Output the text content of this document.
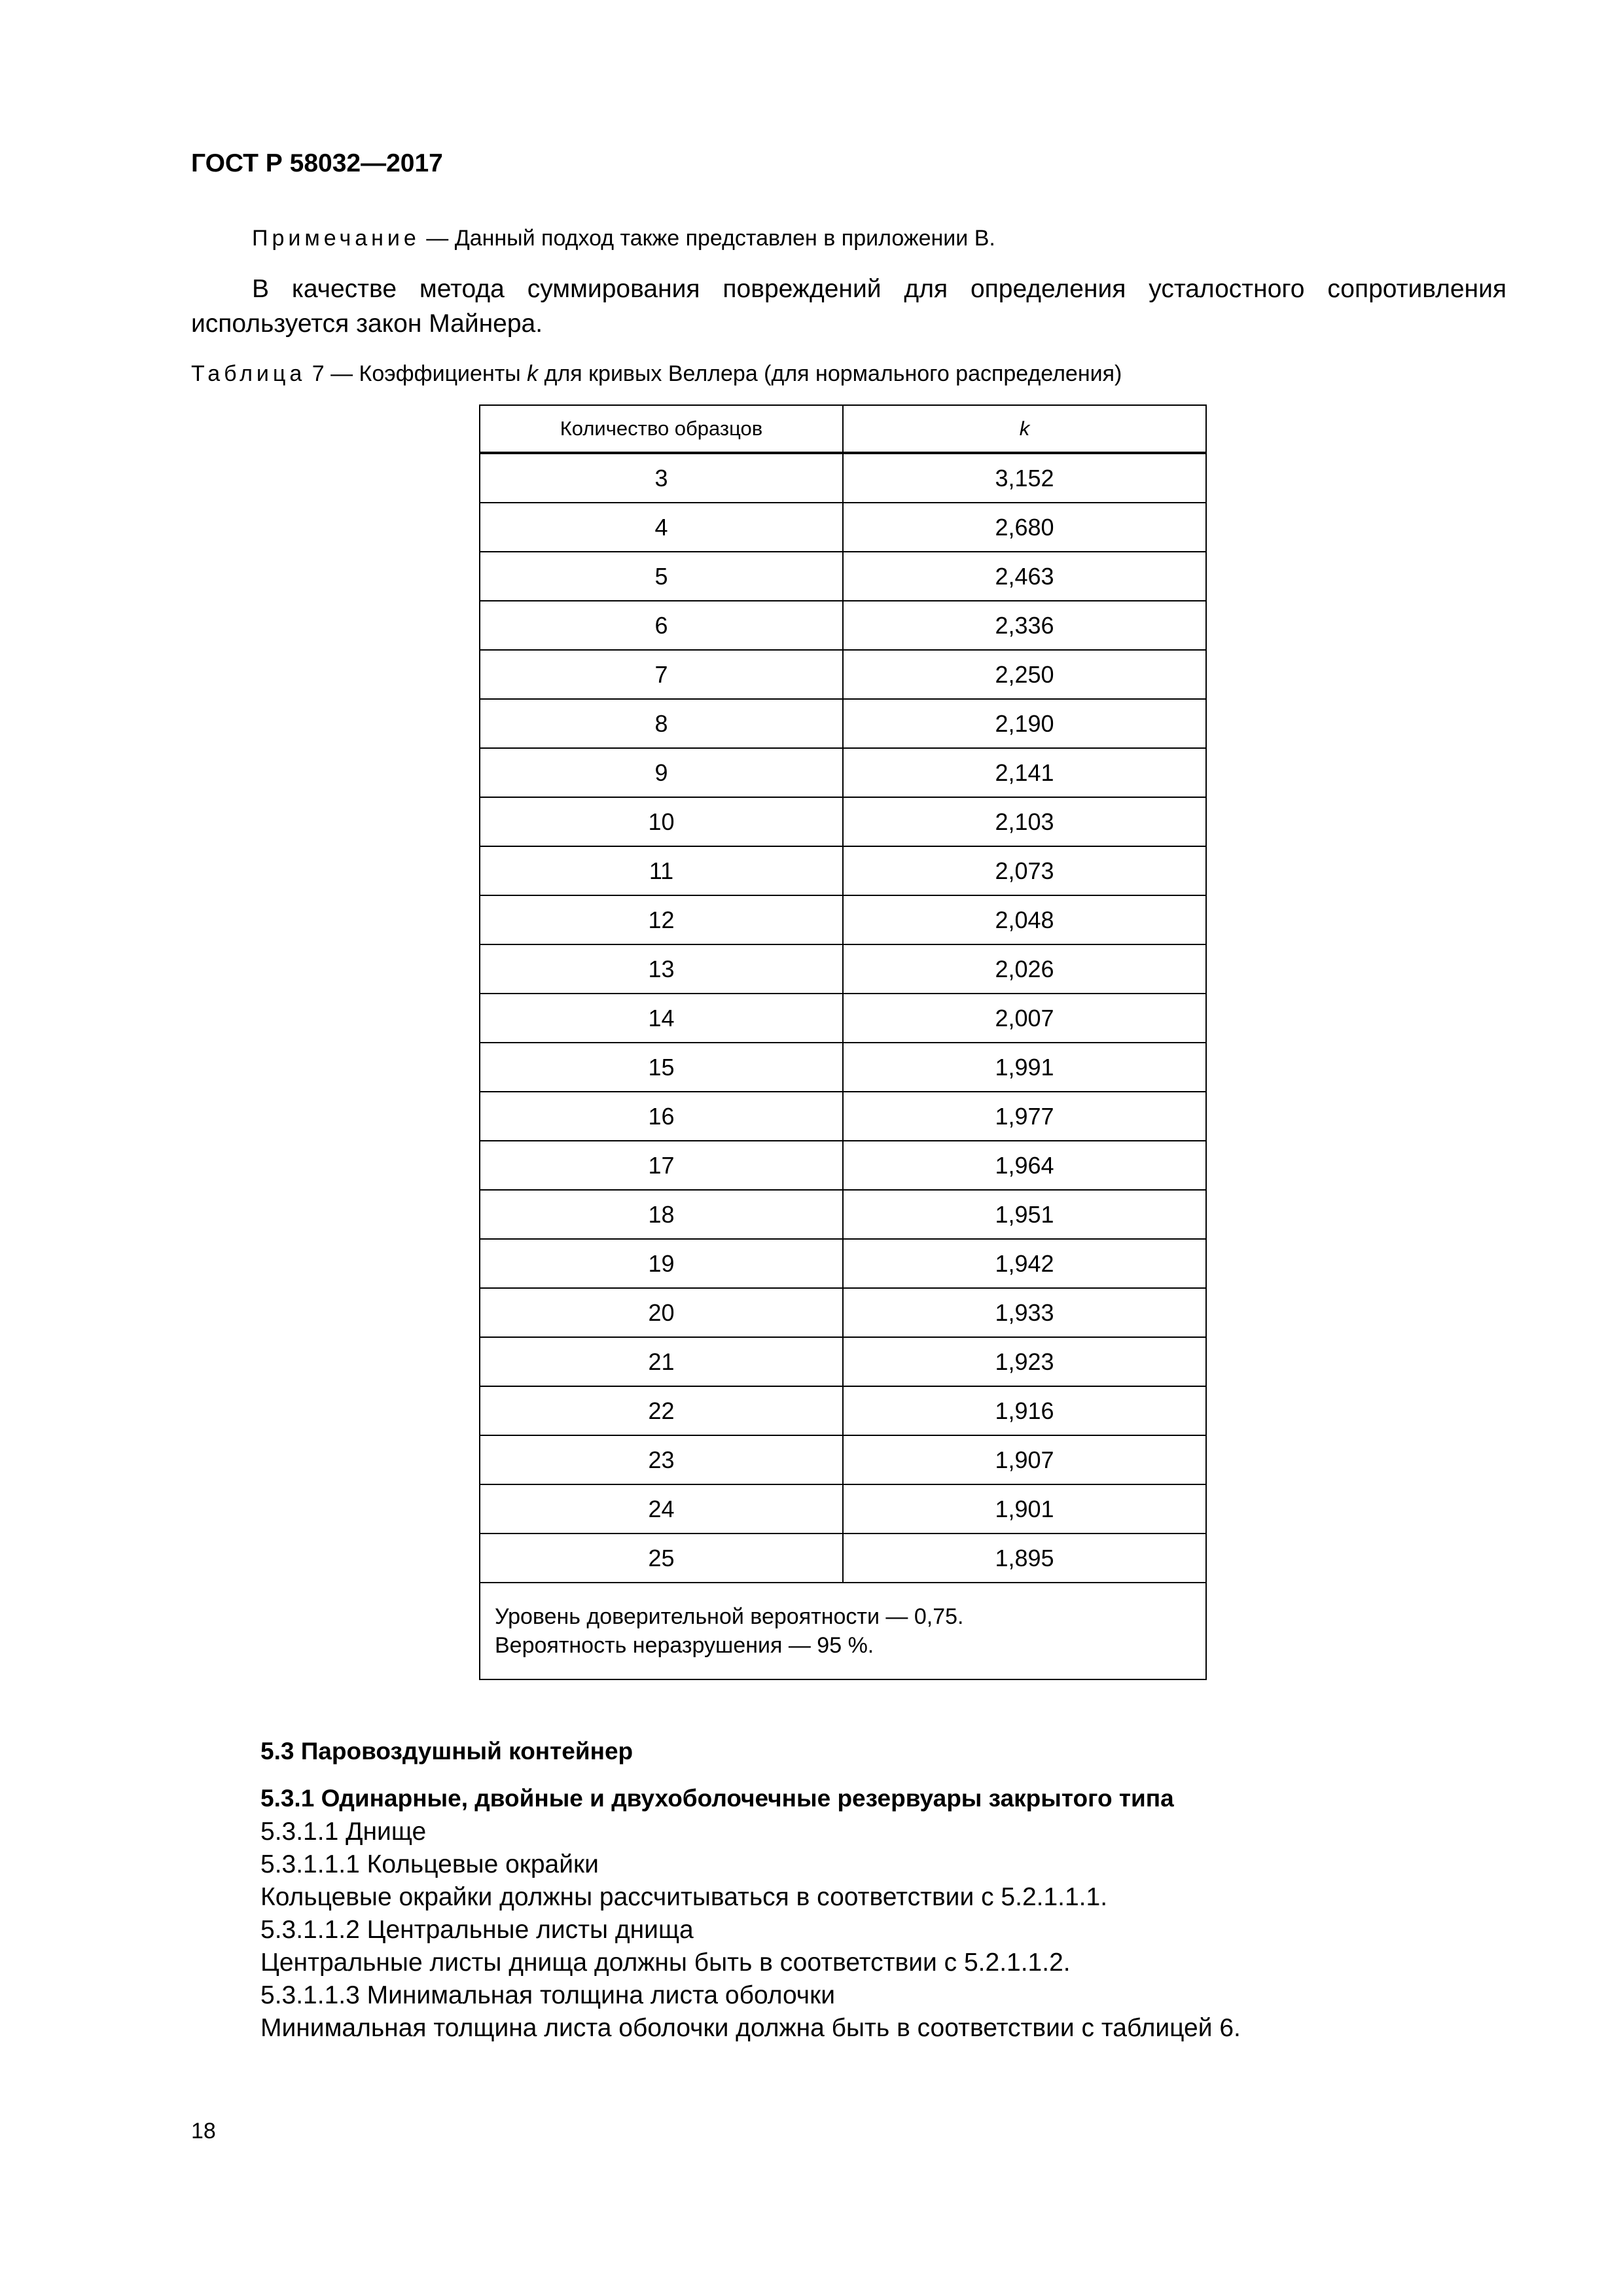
ГОСТ Р 58032—2017
Примечание — Данный подход также представлен в приложении В.
В качестве метода суммирования повреждений для определения усталостного сопротивления используется закон Майнера.
Таблица 7 — Коэффициенты k для кривых Веллера (для нормального распределения)
Количество образцов	k
3	3,152
4	2,680
5	2,463
6	2,336
7	2,250
8	2,190
9	2,141
10	2,103
11	2,073
12	2,048
13	2,026
14	2,007
15	1,991
16	1,977
17	1,964
18	1,951
19	1,942
20	1,933
21	1,923
22	1,916
23	1,907
24	1,901
25	1,895

Уровень доверительной вероятности — 0,75.
Вероятность неразрушения — 95 %.	
5.3 Паровоздушный контейнер
5.3.1 Одинарные, двойные и двухоболочечные резервуары закрытого типа
5.3.1.1 Днище
5.3.1.1.1 Кольцевые окрайки
Кольцевые окрайки должны рассчитываться в соответствии с 5.2.1.1.1.
5.3.1.1.2 Центральные листы днища
Центральные листы днища должны быть в соответствии с 5.2.1.1.2.
5.3.1.1.3 Минимальная толщина листа оболочки
Минимальная толщина листа оболочки должна быть в соответствии с таблицей 6.
18
